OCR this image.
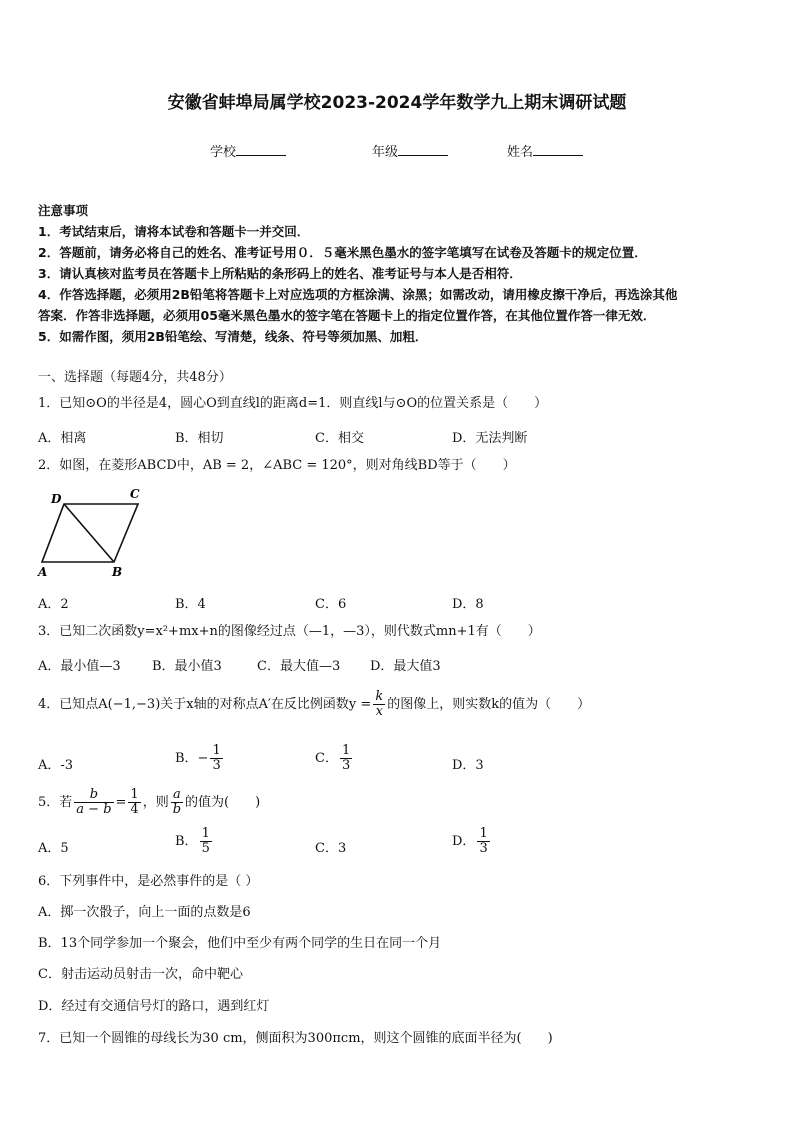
安徽省蚌埠局属学校2023-2024学年数学九上期末调研试题
学校	年级	姓名
注意事项
1．考试结束后，请将本试卷和答题卡一并交回．
2．答题前，请务必将自己的姓名、准考证号用０．５毫米黑色墨水的签字笔填写在试卷及答题卡的规定位置．
3．请认真核对监考员在答题卡上所粘贴的条形码上的姓名、准考证号与本人是否相符．
4．作答选择题，必须用2B铅笔将答题卡上对应选项的方框涂满、涂黑；如需改动，请用橡皮擦干净后，再选涂其他
答案．作答非选择题，必须用05毫米黑色墨水的签字笔在答题卡上的指定位置作答，在其他位置作答一律无效．
5．如需作图，须用2B铅笔绘、写清楚，线条、符号等须加黑、加粗．
一、选择题（每题4分，共48分）
1．已知⊙O的半径是4，圆心O到直线l的距离d=1．则直线l与⊙O的位置关系是（　　）
A．相离	B．相切	C．相交	D．无法判断
2．如图，在菱形ABCD中，AB = 2，∠ABC = 120°，则对角线BD等于（　　）
D	C
A	B
A．2	B．4	C．6	D．8
3．已知二次函数y=x²+mx+n的图像经过点（—1，—3），则代数式mn+1有（　　）
A．最小值—3 B．最小值3	C．最大值—3 D．最大值3
4．已知点A(−1,−3)关于x轴的对称点A′在反比例函数$y = \frac{k}{x}$ 的图像上，则实数k的值为（　　）
A．-3	B．− $\frac{1}{3}$	C． $\frac{1}{3}$	D．3
5．若 $\frac{b}{a - b} = \frac{1}{4}$ ，则 $\frac{a}{b}$ 的值为(　　)
A．5	B． $\frac{1}{5}$	C．3	D． $\frac{1}{3}$
6．下列事件中，是必然事件的是（ ）
A．掷一次骰子，向上一面的点数是6
B．13个同学参加一个聚会，他们中至少有两个同学的生日在同一个月
C．射击运动员射击一次，命中靶心
D．经过有交通信号灯的路口，遇到红灯
7．已知一个圆锥的母线长为30 cm，侧面积为300πcm，则这个圆锥的底面半径为(　　)
